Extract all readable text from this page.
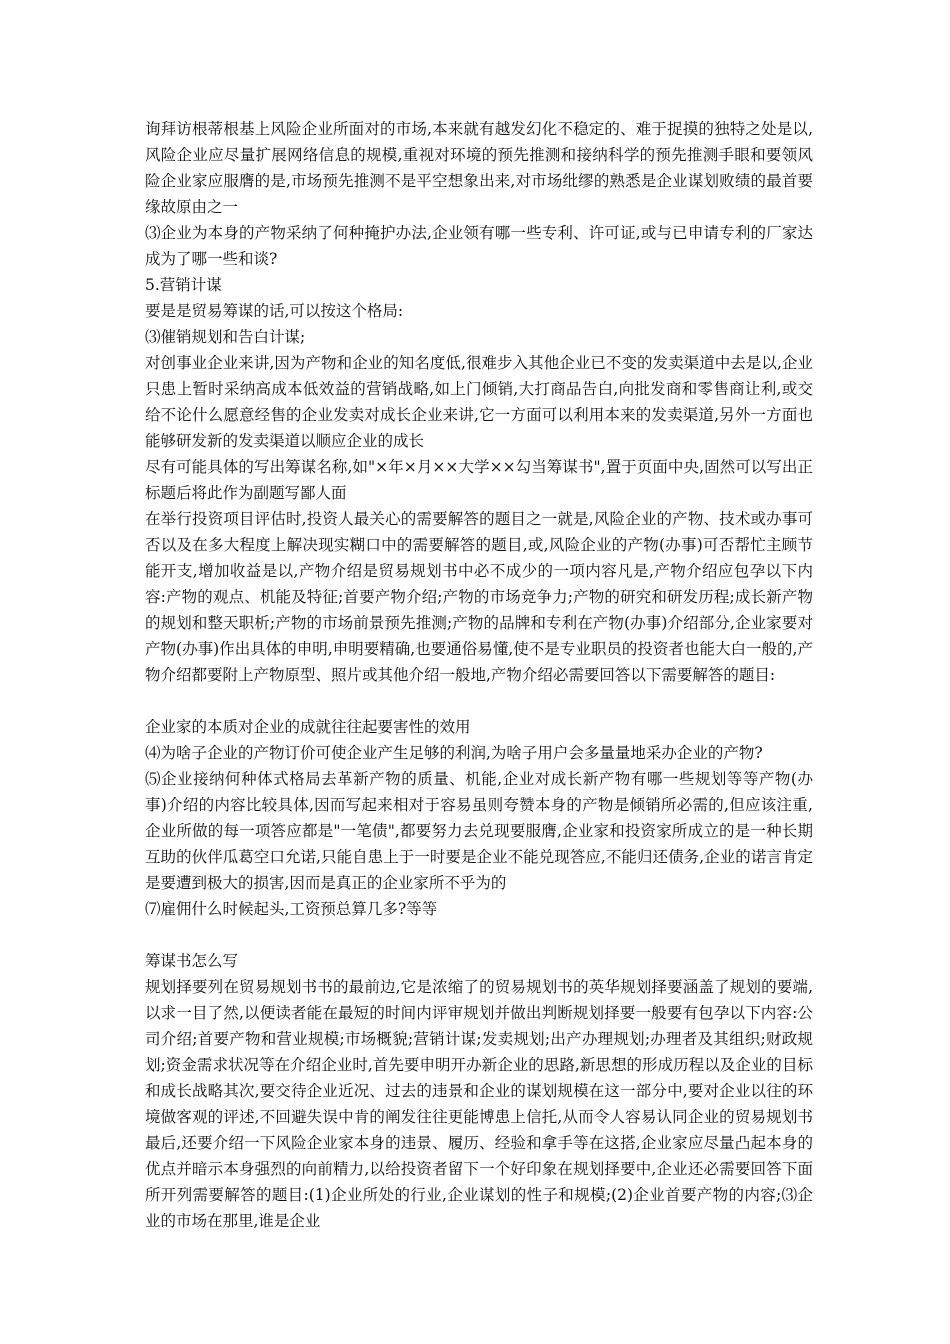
询拜访根蒂根基上风险企业所面对的市场,本来就有越发幻化不稳定的、难于捉摸的独特之处是以,风险企业应尽量扩展网络信息的规模,重视对环境的预先推测和接纳科学的预先推测手眼和要领风险企业家应服膺的是,市场预先推测不是平空想象出来,对市场纰缪的熟悉是企业谋划败绩的最首要缘故原由之一

⑶企业为本身的产物采纳了何种掩护办法,企业领有哪一些专利、许可证,或与已申请专利的厂家达成为了哪一些和谈?

5.营销计谋

要是是贸易筹谋的话,可以按这个格局:

⑶催销规划和告白计谋;

对创事业企业来讲,因为产物和企业的知名度低,很难步入其他企业已不变的发卖渠道中去是以,企业只患上暂时采纳高成本低效益的营销战略,如上门倾销,大打商品告白,向批发商和零售商让利,或交给不论什么愿意经售的企业发卖对成长企业来讲,它一方面可以利用本来的发卖渠道,另外一方面也能够研发新的发卖渠道以顺应企业的成长

尽有可能具体的写出筹谋名称,如"×年×月××大学××勾当筹谋书",置于页面中央,固然可以写出正标题后将此作为副题写鄙人面

在举行投资项目评估时,投资人最关心的需要解答的题目之一就是,风险企业的产物、技术或办事可否以及在多大程度上解决现实糊口中的需要解答的题目,或,风险企业的产物(办事)可否帮忙主顾节能开支,增加收益是以,产物介绍是贸易规划书中必不成少的一项内容凡是,产物介绍应包孕以下内容:产物的观点、机能及特征;首要产物介绍;产物的市场竞争力;产物的研究和研发历程;成长新产物的规划和整天职析;产物的市场前景预先推测;产物的品牌和专利在产物(办事)介绍部分,企业家要对产物(办事)作出具体的申明,申明要精确,也要通俗易懂,使不是专业职员的投资者也能大白一般的,产物介绍都要附上产物原型、照片或其他介绍一般地,产物介绍必需要回答以下需要解答的题目:

企业家的本质对企业的成就往往起要害性的效用

⑷为啥子企业的产物订价可使企业产生足够的利润,为啥子用户会多量量地采办企业的产物?

⑸企业接纳何种体式格局去革新产物的质量、机能,企业对成长新产物有哪一些规划等等产物(办事)介绍的内容比较具体,因而写起来相对于容易虽则夸赞本身的产物是倾销所必需的,但应该注重,企业所做的每一项答应都是"一笔债",都要努力去兑现要服膺,企业家和投资家所成立的是一种长期互助的伙伴瓜葛空口允诺,只能自患上于一时要是企业不能兑现答应,不能归还债务,企业的诺言肯定是要遭到极大的损害,因而是真正的企业家所不乎为的

⑺雇佣什么时候起头,工资预总算几多?等等

筹谋书怎么写

规划择要列在贸易规划书书的最前边,它是浓缩了的贸易规划书的英华规划择要涵盖了规划的要端,以求一目了然,以便读者能在最短的时间内评审规划并做出判断规划择要一般要有包孕以下内容:公司介绍;首要产物和营业规模;市场概貌;营销计谋;发卖规划;出产办理规划;办理者及其组织;财政规划;资金需求状况等在介绍企业时,首先要申明开办新企业的思路,新思想的形成历程以及企业的目标和成长战略其次,要交待企业近况、过去的违景和企业的谋划规模在这一部分中,要对企业以往的环境做客观的评述,不回避失误中肯的阐发往往更能博患上信托,从而令人容易认同企业的贸易规划书最后,还要介绍一下风险企业家本身的违景、履历、经验和拿手等在这搭,企业家应尽量凸起本身的优点并暗示本身强烈的向前精力,以给投资者留下一个好印象在规划择要中,企业还必需要回答下面所开列需要解答的题目:(1)企业所处的行业,企业谋划的性子和规模;(2)企业首要产物的内容;⑶企业的市场在那里,谁是企业
